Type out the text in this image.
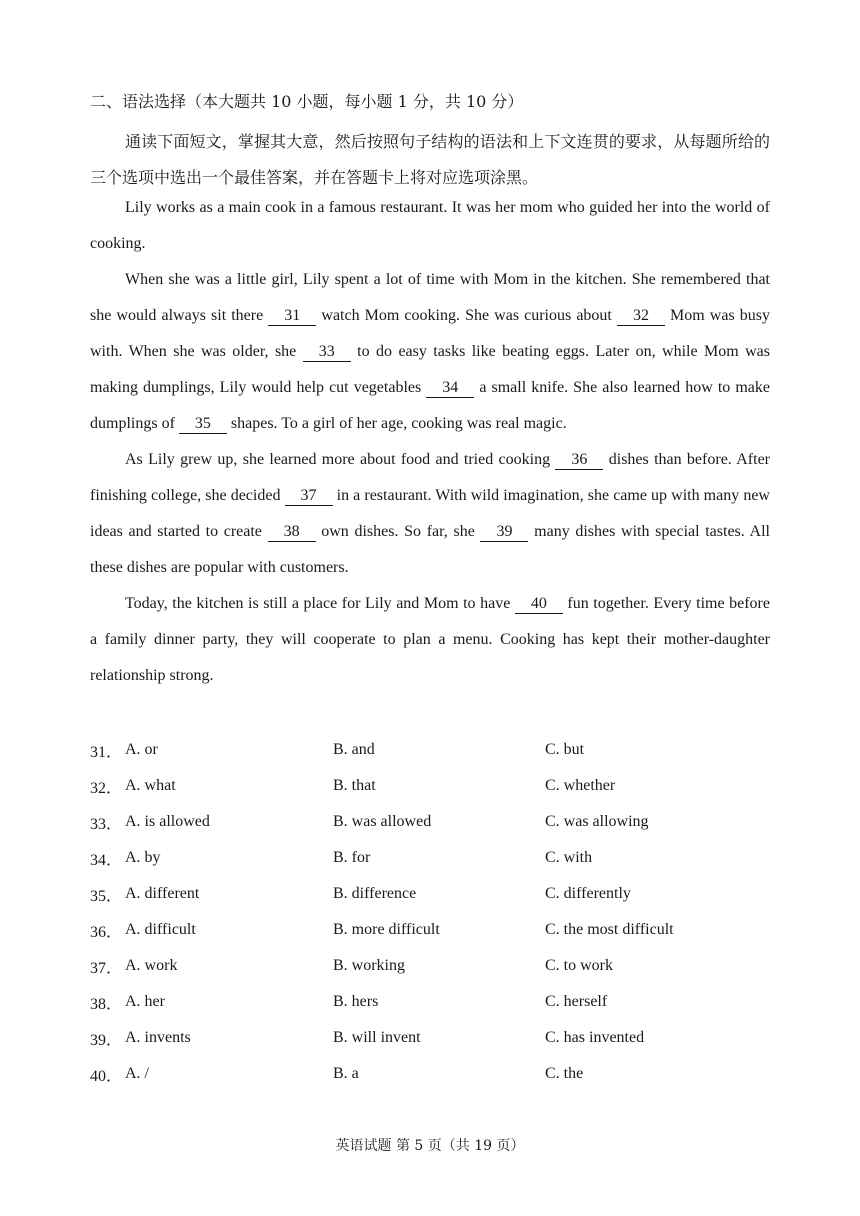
二、语法选择（本大题共 10 小题，每小题 1 分，共 10 分）
通读下面短文，掌握其大意，然后按照句子结构的语法和上下文连贯的要求，从每题所给的三个选项中选出一个最佳答案，并在答题卡上将对应选项涂黑。

Lily works as a main cook in a famous restaurant. It was her mom who guided her into the world of cooking.

When she was a little girl, Lily spent a lot of time with Mom in the kitchen. She remembered that she would always sit there 31 watch Mom cooking. She was curious about 32 Mom was busy with. When she was older, she 33 to do easy tasks like beating eggs. Later on, while Mom was making dumplings, Lily would help cut vegetables 34 a small knife. She also learned how to make dumplings of 35 shapes. To a girl of her age, cooking was real magic.

As Lily grew up, she learned more about food and tried cooking 36 dishes than before. After finishing college, she decided 37 in a restaurant. With wild imagination, she came up with many new ideas and started to create 38 own dishes. So far, she 39 many dishes with special tastes. All these dishes are popular with customers.

Today, the kitchen is still a place for Lily and Mom to have 40 fun together. Every time before a family dinner party, they will cooperate to plan a menu. Cooking has kept their mother-daughter relationship strong.

31． A. or	B. and	C. but
32． A. what	B. that	C. whether
33． A. is allowed	B. was allowed	C. was allowing
34． A. by	B. for	C. with
35． A. different	B. difference	C. differently
36． A. difficult	B. more difficult	C. the most difficult
37． A. work	B. working	C. to work
38． A. her	B. hers	C. herself
39． A. invents	B. will invent	C. has invented
40． A. /	B. a	C. the
英语试题 第 5 页（共 19 页）
